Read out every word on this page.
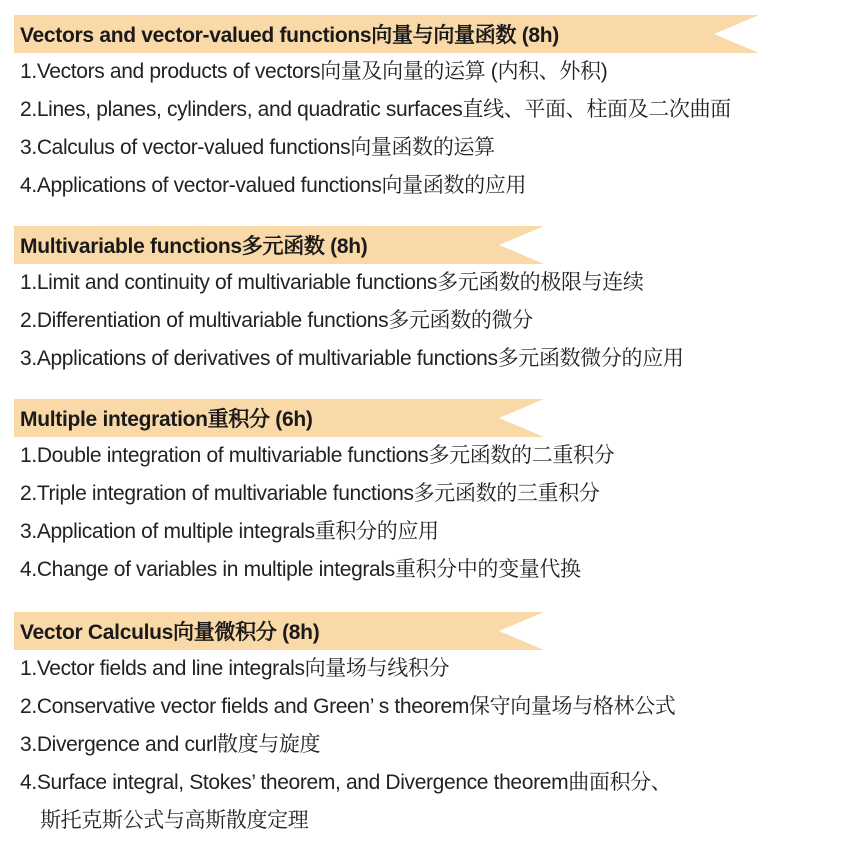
Vectors and vector-valued functions向量与向量函数 (8h)
1.Vectors and products of vectors向量及向量的运算 (内积、外积)
2.Lines, planes, cylinders, and quadratic surfaces直线、平面、柱面及二次曲面
3.Calculus of vector-valued functions向量函数的运算
4.Applications of vector-valued functions向量函数的应用
Multivariable functions多元函数 (8h)
1.Limit and continuity of multivariable functions多元函数的极限与连续
2.Differentiation of multivariable functions多元函数的微分
3.Applications of derivatives of multivariable functions多元函数微分的应用
Multiple integration重积分 (6h)
1.Double integration of multivariable functions多元函数的二重积分
2.Triple integration of multivariable functions多元函数的三重积分
3.Application of multiple integrals重积分的应用
4.Change of variables in multiple integrals重积分中的变量代换
Vector Calculus向量微积分 (8h)
1.Vector fields and line integrals向量场与线积分
2.Conservative vector fields and Green’ s theorem保守向量场与格林公式
3.Divergence and curl散度与旋度
4.Surface integral, Stokes’ theorem, and Divergence theorem曲面积分、
斯托克斯公式与高斯散度定理
